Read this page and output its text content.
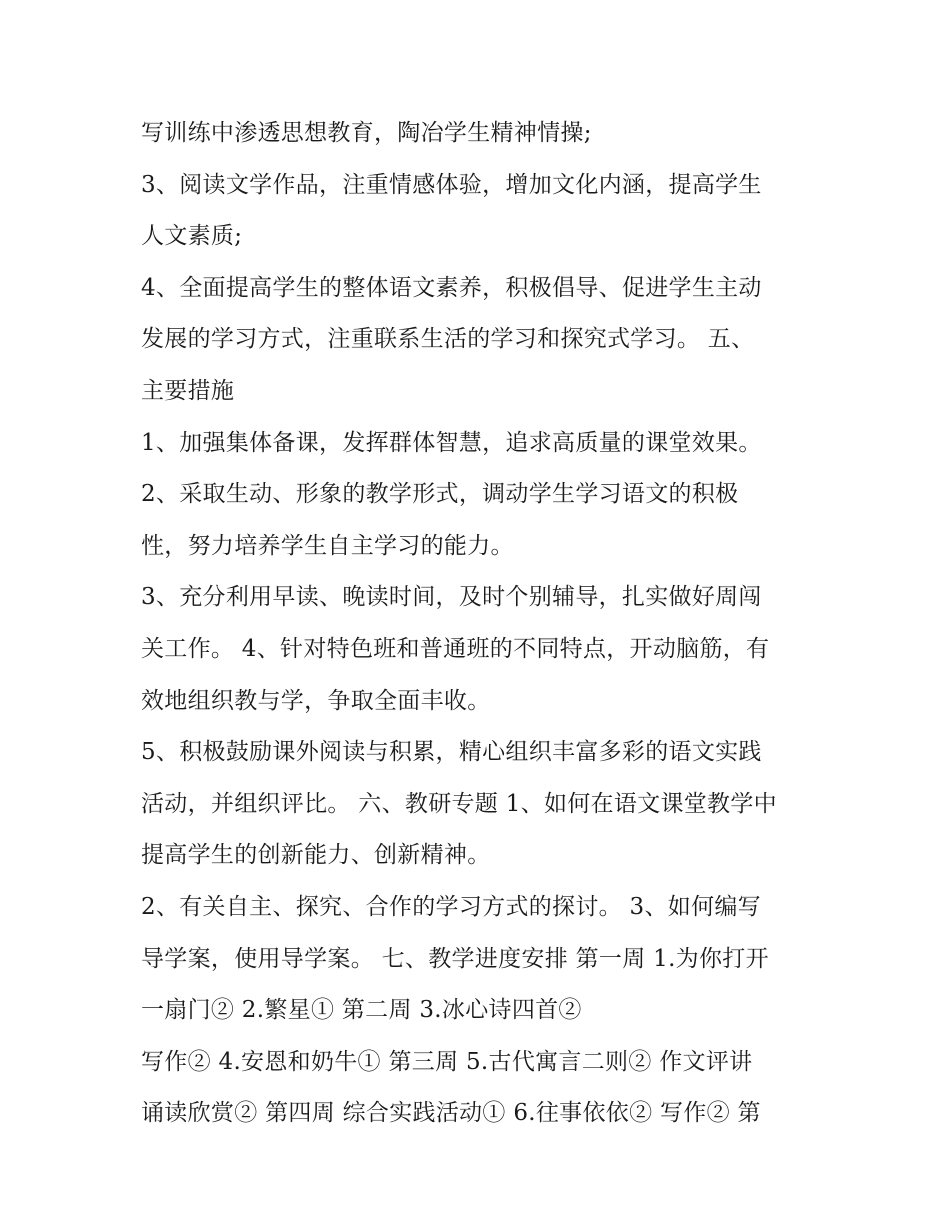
写训练中渗透思想教育，陶冶学生精神情操;
3、阅读文学作品，注重情感体验，增加文化内涵，提高学生
人文素质;
4、全面提高学生的整体语文素养，积极倡导、促进学生主动
发展的学习方式，注重联系生活的学习和探究式学习。 五、
主要措施
1、加强集体备课，发挥群体智慧，追求高质量的课堂效果。
2、采取生动、形象的教学形式，调动学生学习语文的积极
性，努力培养学生自主学习的能力。
3、充分利用早读、晚读时间，及时个别辅导，扎实做好周闯
关工作。 4、针对特色班和普通班的不同特点，开动脑筋，有
效地组织教与学，争取全面丰收。
5、积极鼓励课外阅读与积累，精心组织丰富多彩的语文实践
活动，并组织评比。 六、教研专题 1、如何在语文课堂教学中
提高学生的创新能力、创新精神。
2、有关自主、探究、合作的学习方式的探讨。 3、如何编写
导学案，使用导学案。 七、教学进度安排 第一周 1.为你打开
一扇门② 2.繁星① 第二周 3.冰心诗四首②
写作② 4.安恩和奶牛① 第三周 5.古代寓言二则② 作文评讲
诵读欣赏② 第四周 综合实践活动① 6.往事依依② 写作② 第
